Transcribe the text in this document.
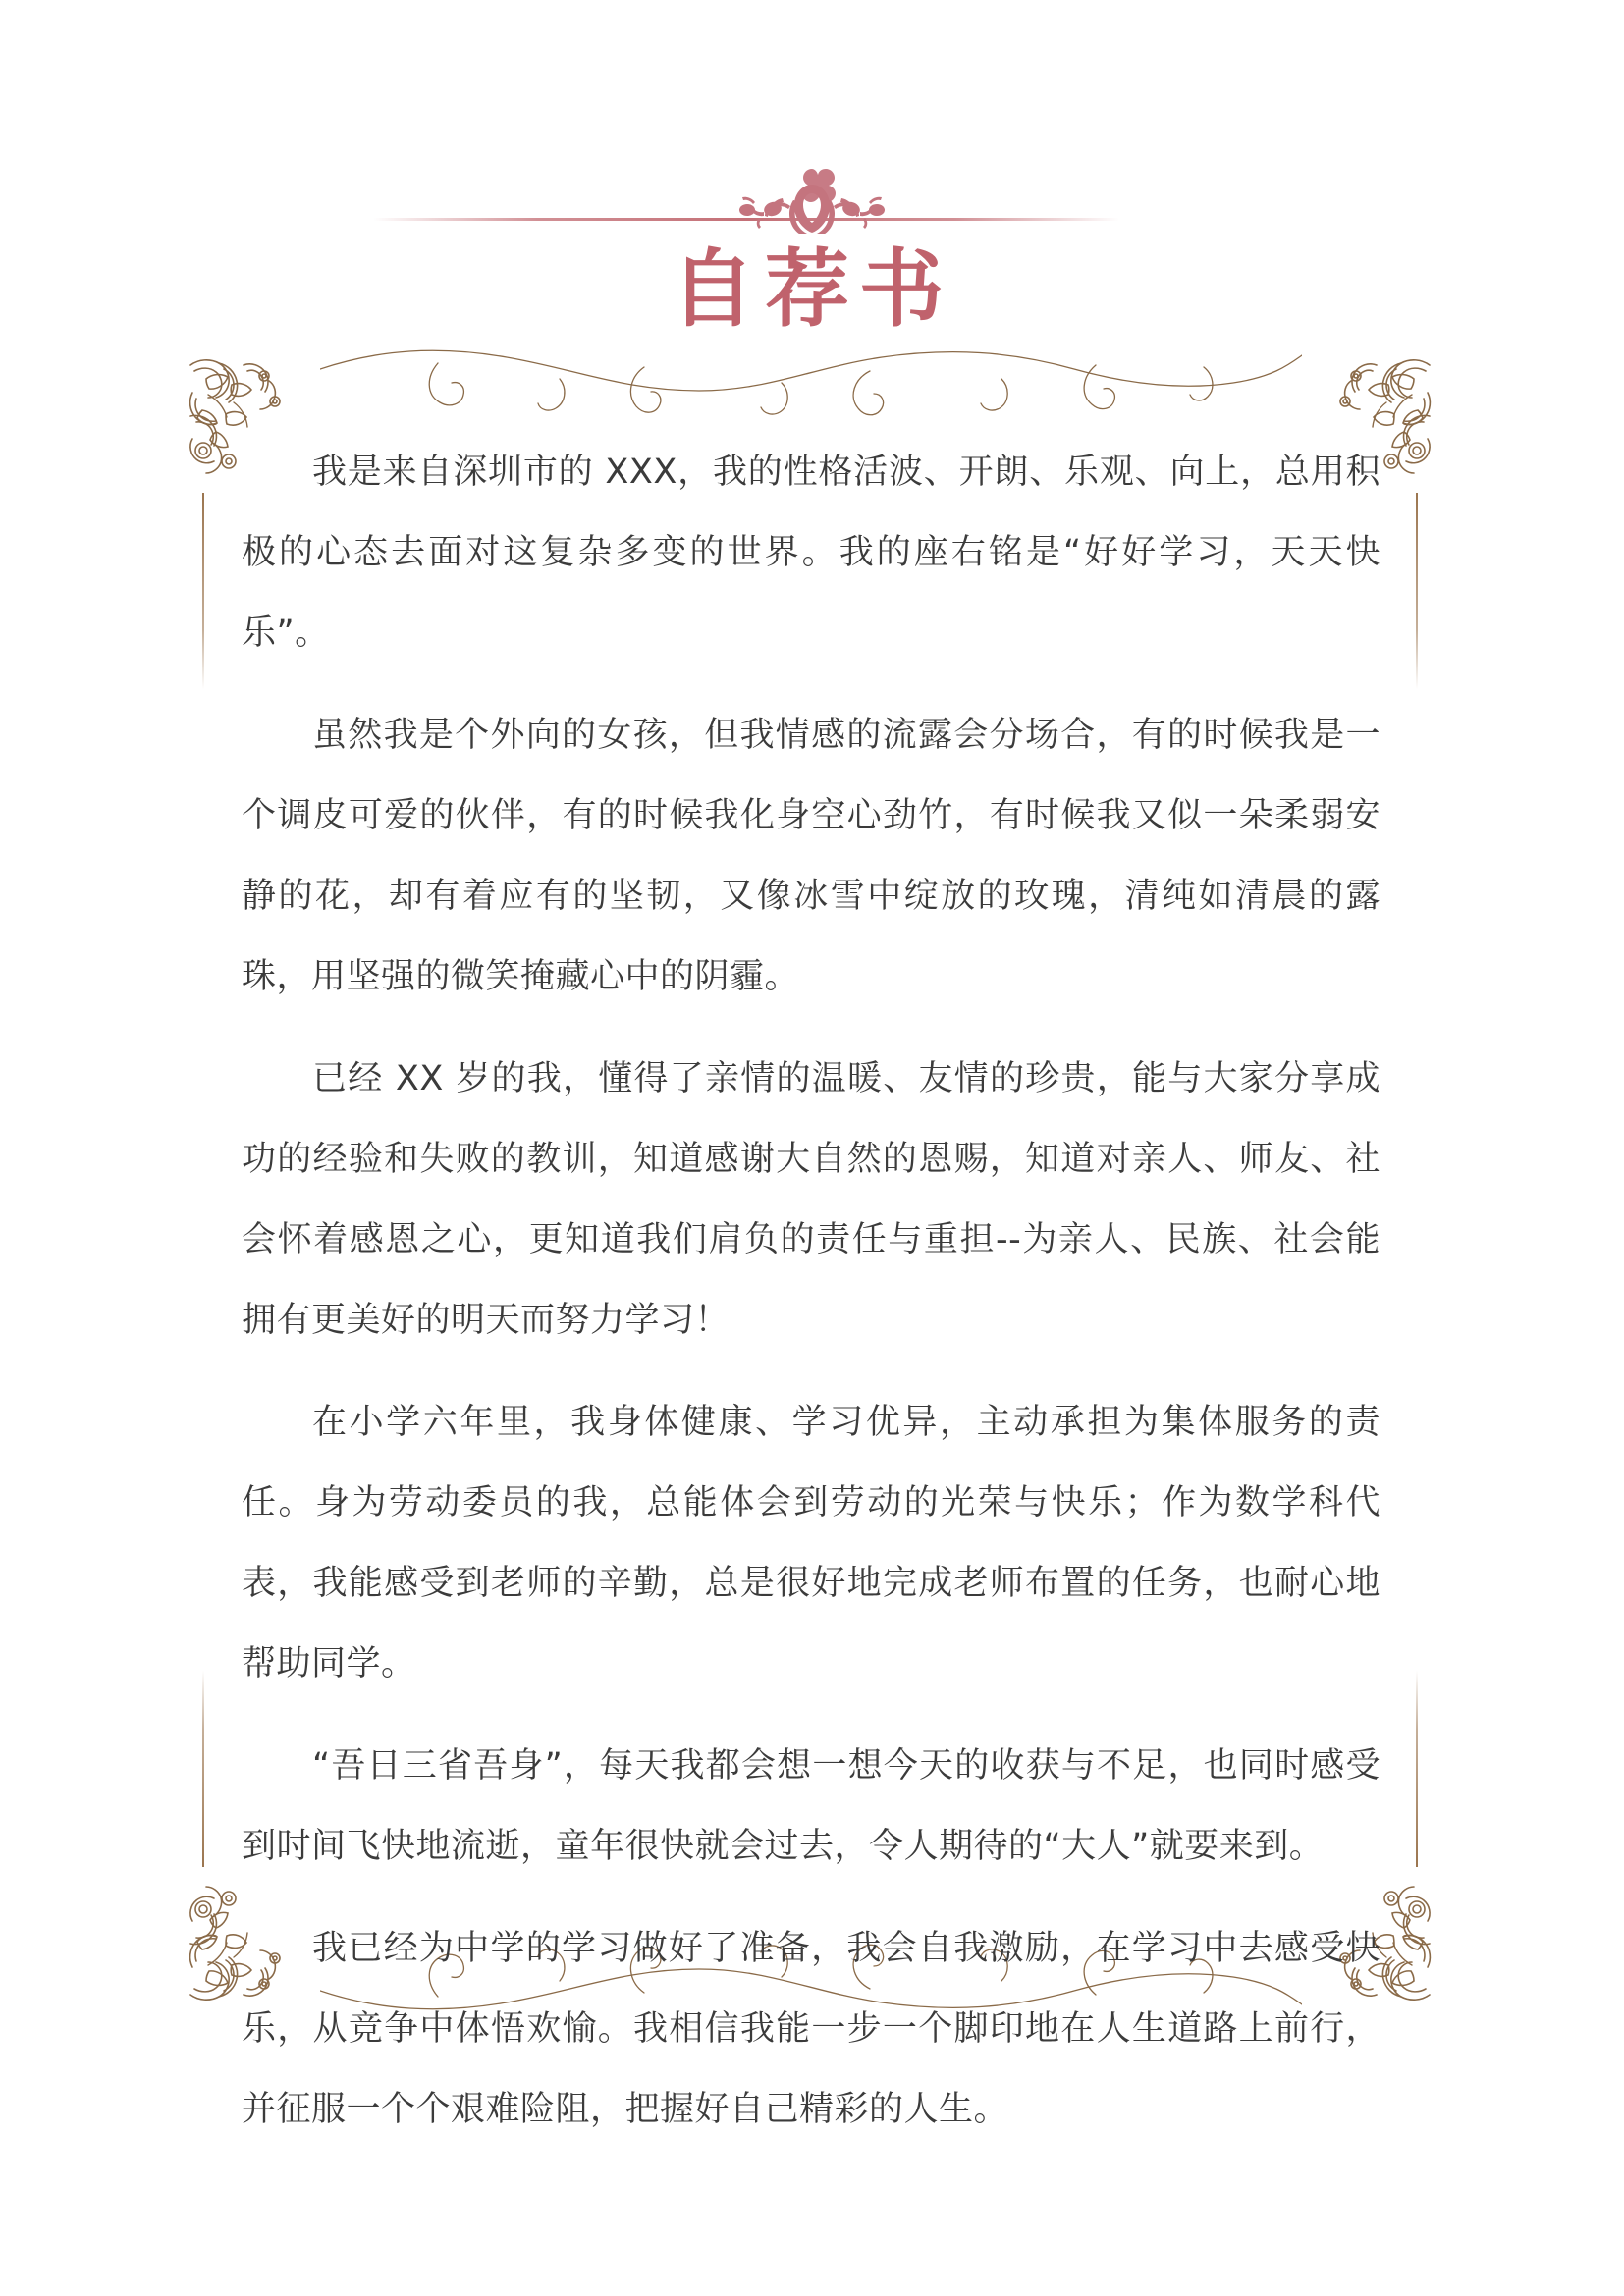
自荐书

我是来自深圳市的 XXX，我的性格活波、开朗、乐观、向上，总用积极的心态去面对这复杂多变的世界。我的座右铭是“好好学习，天天快乐”。

虽然我是个外向的女孩，但我情感的流露会分场合，有的时候我是一个调皮可爱的伙伴，有的时候我化身空心劲竹，有时候我又似一朵柔弱安静的花，却有着应有的坚韧，又像冰雪中绽放的玫瑰，清纯如清晨的露珠，用坚强的微笑掩藏心中的阴霾。

已经 XX 岁的我，懂得了亲情的温暖、友情的珍贵，能与大家分享成功的经验和失败的教训，知道感谢大自然的恩赐，知道对亲人、师友、社会怀着感恩之心，更知道我们肩负的责任与重担--为亲人、民族、社会能拥有更美好的明天而努力学习！

在小学六年里，我身体健康、学习优异，主动承担为集体服务的责任。身为劳动委员的我，总能体会到劳动的光荣与快乐；作为数学科代表，我能感受到老师的辛勤，总是很好地完成老师布置的任务，也耐心地帮助同学。

“吾日三省吾身”，每天我都会想一想今天的收获与不足，也同时感受到时间飞快地流逝，童年很快就会过去，令人期待的“大人”就要来到。

我已经为中学的学习做好了准备，我会自我激励，在学习中去感受快乐，从竞争中体悟欢愉。我相信我能一步一个脚印地在人生道路上前行，并征服一个个艰难险阻，把握好自己精彩的人生。
